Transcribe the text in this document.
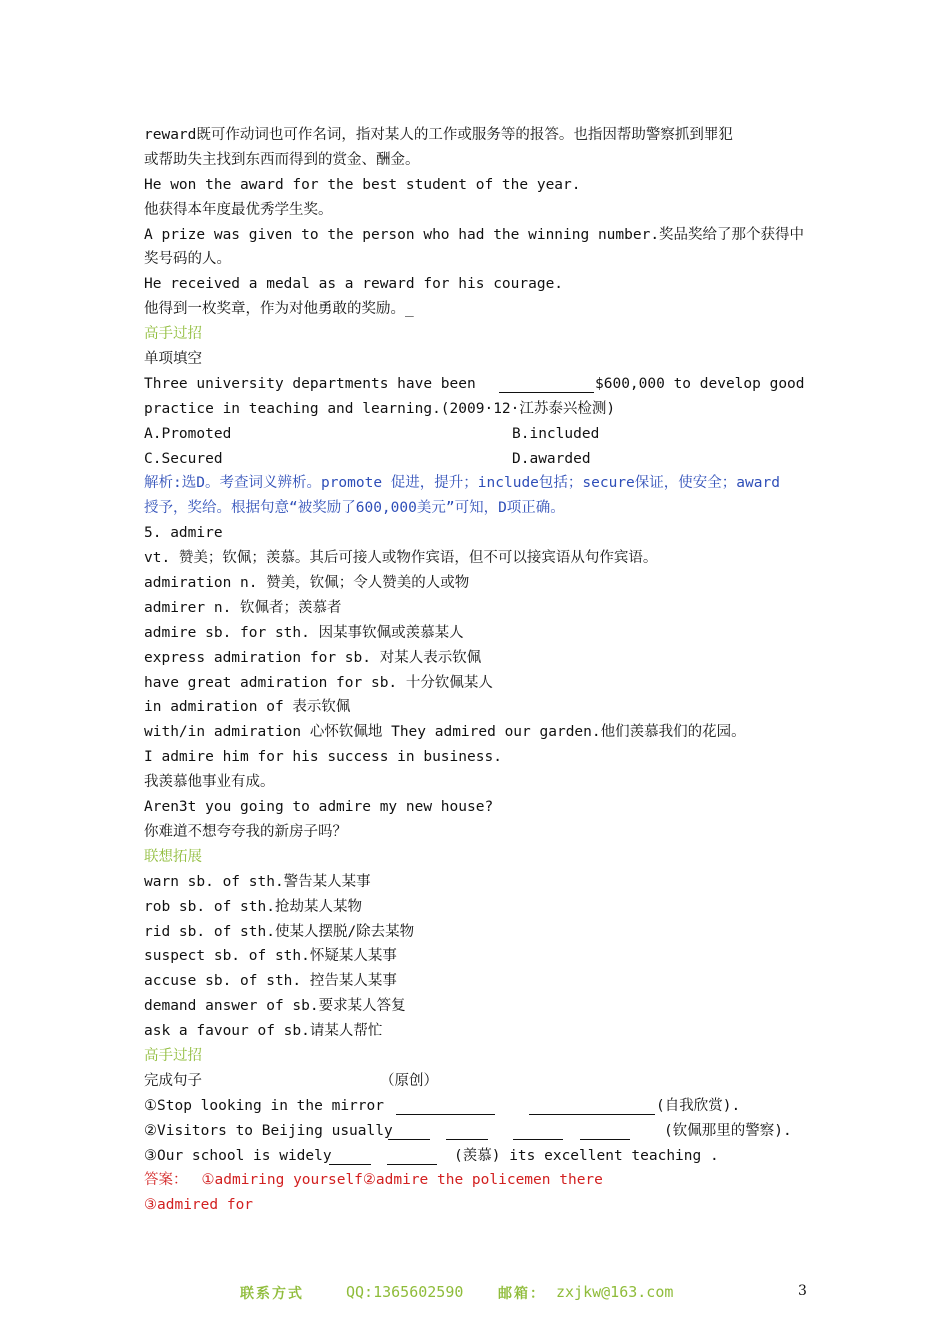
reward既可作动词也可作名词，指对某人的工作或服务等的报答。也指因帮助警察抓到罪犯
或帮助失主找到东西而得到的赏金、酬金。
He won the award for the best student of the year.
他获得本年度最优秀学生奖。
A prize was given to the person who had the winning number.奖品奖给了那个获得中
奖号码的人。
He received a medal as a reward for his courage.
他得到一枚奖章，作为对他勇敢的奖励。_
高手过招
单项填空
Three university departments have been	$600,000 to develop good
practice in teaching and learning.(2009·12·江苏泰兴检测)
A.Promoted	B.included
C.Secured	D.awarded
解析:选D。考查词义辨析。promote 促进，提升；include包括；secure保证，使安全；award
授予，奖给。根据句意“被奖励了600,000美元”可知，D项正确。
5. admire
vt. 赞美；钦佩；羡慕。其后可接人或物作宾语，但不可以接宾语从句作宾语。
admiration n. 赞美，钦佩；令人赞美的人或物
admirer n. 钦佩者；羡慕者
admire sb. for sth. 因某事钦佩或羡慕某人
express admiration for sb. 对某人表示钦佩
have great admiration for sb. 十分钦佩某人
in admiration of 表示钦佩
with/in admiration 心怀钦佩地 They admired our garden.他们羡慕我们的花园。
I admire him for his success in business.
我羡慕他事业有成。
Aren3t you going to admire my new house?
你难道不想夸夸我的新房子吗？
联想拓展
warn sb. of sth.警告某人某事
rob sb. of sth.抢劫某人某物
rid sb. of sth.使某人摆脱/除去某物
suspect sb. of sth.怀疑某人某事
accuse sb. of sth. 控告某人某事
demand answer of sb.要求某人答复
ask a favour of sb.请某人帮忙
高手过招
完成句子	（原创）
①Stop looking in the mirror	(自我欣赏).
②Visitors to Beijing usually	(钦佩那里的警察).
③Our school is widely	(羡慕) its excellent teaching .
答案： ①admiring yourself②admire the policemen there
③admired for
联系方式	QQ:1365602590 邮箱： zxjkw@163.com	3
